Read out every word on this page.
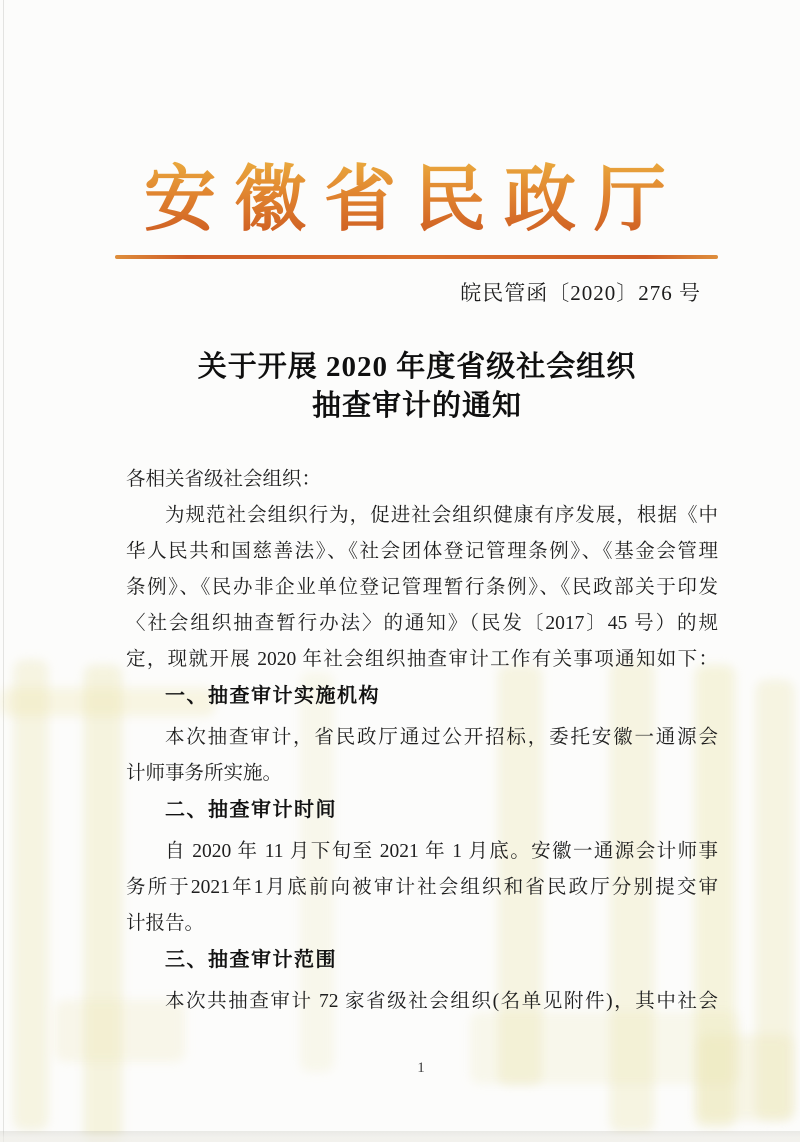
安徽省民政厅
皖民管函〔2020〕276 号
关于开展 2020 年度省级社会组织
抽查审计的通知
各相关省级社会组织：
为规范社会组织行为，促进社会组织健康有序发展，根据《中
华人民共和国慈善法》、《社会团体登记管理条例》、《基金会管理
条例》、《民办非企业单位登记管理暂行条例》、《民政部关于印发
〈社会组织抽查暂行办法〉的通知》（民发〔2017〕45 号）的规
定，现就开展 2020 年社会组织抽查审计工作有关事项通知如下：
一、抽查审计实施机构
本次抽查审计，省民政厅通过公开招标，委托安徽一通源会
计师事务所实施。
二、抽查审计时间
自 2020 年 11 月下旬至 2021 年 1 月底。安徽一通源会计师事
务所于2021年1月底前向被审计社会组织和省民政厅分别提交审
计报告。
三、抽查审计范围
本次共抽查审计 72 家省级社会组织(名单见附件)，其中社会
1
